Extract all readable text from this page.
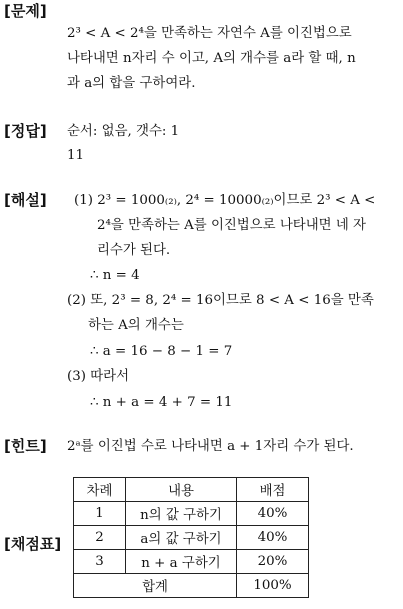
[문제]
2³ < A < 2⁴을 만족하는 자연수 A를 이진법으로
나타내면 n자리 수 이고, A의 개수를 a라 할 때, n
과 a의 합을 구하여라.
[정답] 순서: 없음, 갯수: 1
11
[해설] (1) 2³ = 1000₍₂₎, 2⁴ = 10000₍₂₎이므로 2³ < A <
2⁴을 만족하는 A를 이진법으로 나타내면 네 자
리수가 된다.
∴ n = 4
(2) 또, 2³ = 8, 2⁴ = 16이므로 8 < A < 16을 만족
하는 A의 개수는
∴ a = 16 − 8 − 1 = 7
(3) 따라서
∴ n + a = 4 + 7 = 11
[힌트] 2ᵃ를 이진법 수로 나타내면 a + 1자리 수가 된다.
[채점표]
차례	내용	배점
1	n의 값 구하기	40%
2	a의 값 구하기	40%
3	n + a 구하기	20%
합계		100%
